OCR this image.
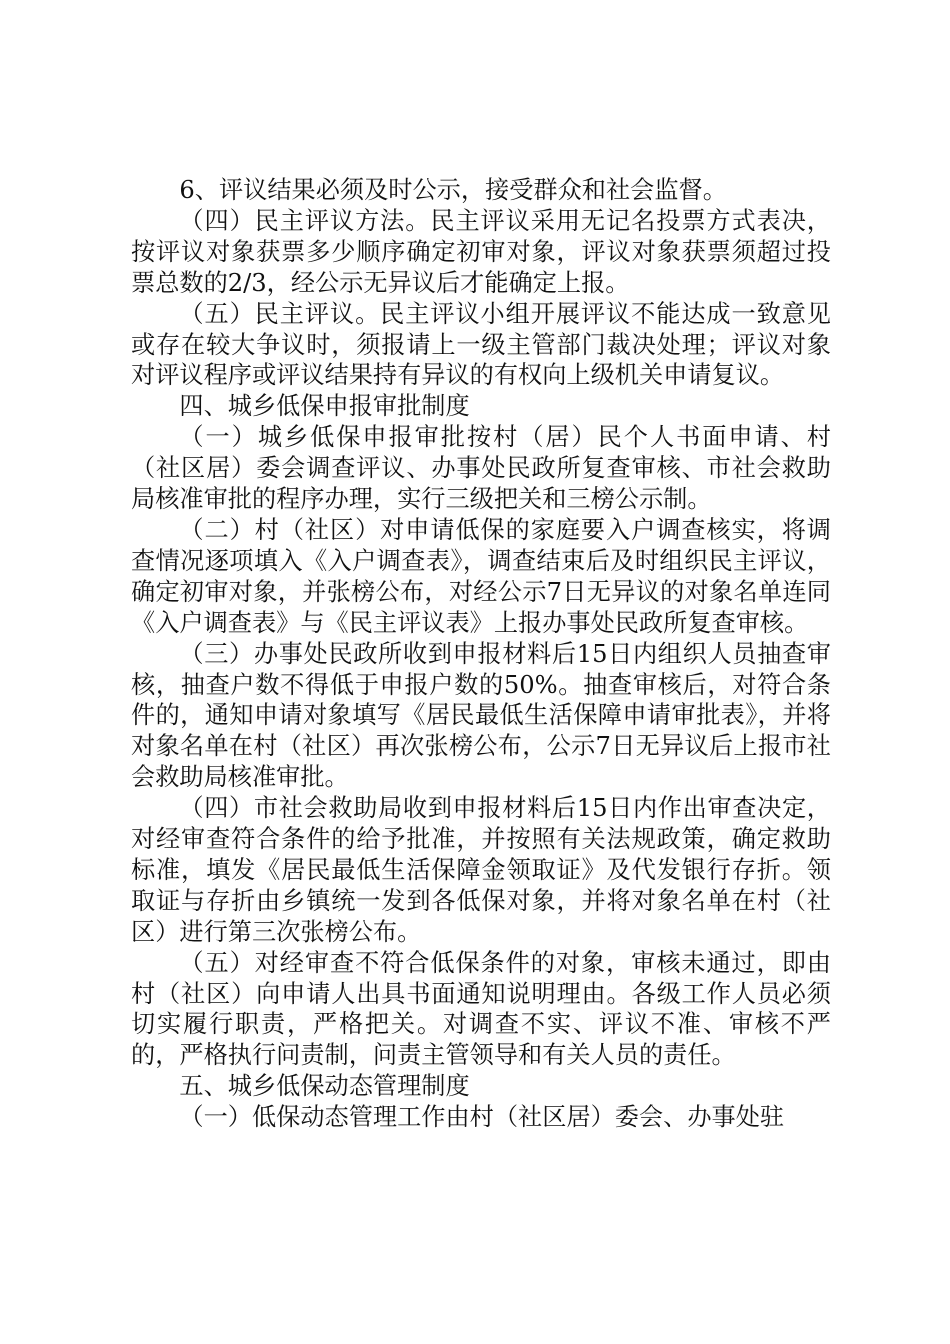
6、评议结果必须及时公示，接受群众和社会监督。

（四）民主评议方法。民主评议采用无记名投票方式表决，按评议对象获票多少顺序确定初审对象，评议对象获票须超过投票总数的2/3，经公示无异议后才能确定上报。

（五）民主评议。民主评议小组开展评议不能达成一致意见或存在较大争议时，须报请上一级主管部门裁决处理；评议对象对评议程序或评议结果持有异议的有权向上级机关申请复议。

四、城乡低保申报审批制度

（一）城乡低保申报审批按村（居）民个人书面申请、村（社区居）委会调查评议、办事处民政所复查审核、市社会救助局核准审批的程序办理，实行三级把关和三榜公示制。

（二）村（社区）对申请低保的家庭要入户调查核实，将调查情况逐项填入《入户调查表》，调查结束后及时组织民主评议，确定初审对象，并张榜公布，对经公示7日无异议的对象名单连同《入户调查表》与《民主评议表》上报办事处民政所复查审核。

（三）办事处民政所收到申报材料后15日内组织人员抽查审核，抽查户数不得低于申报户数的50%。抽查审核后，对符合条件的，通知申请对象填写《居民最低生活保障申请审批表》，并将对象名单在村（社区）再次张榜公布，公示7日无异议后上报市社会救助局核准审批。

（四）市社会救助局收到申报材料后15日内作出审查决定，对经审查符合条件的给予批准，并按照有关法规政策，确定救助标准，填发《居民最低生活保障金领取证》及代发银行存折。领取证与存折由乡镇统一发到各低保对象，并将对象名单在村（社区）进行第三次张榜公布。

（五）对经审查不符合低保条件的对象，审核未通过，即由村（社区）向申请人出具书面通知说明理由。各级工作人员必须切实履行职责，严格把关。对调查不实、评议不准、审核不严的，严格执行问责制，问责主管领导和有关人员的责任。

五、城乡低保动态管理制度

（一）低保动态管理工作由村（社区居）委会、办事处驻
